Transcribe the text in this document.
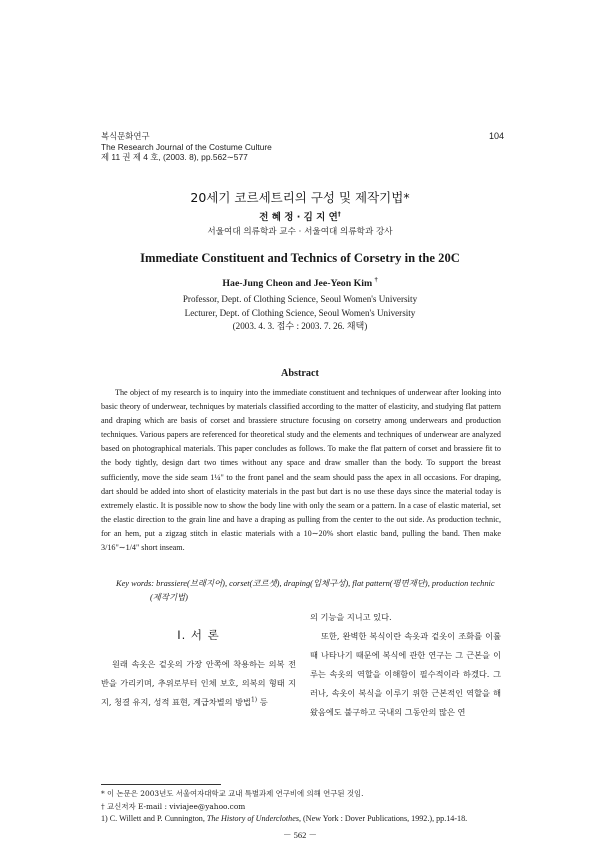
복식문화연구
The Research Journal of the Costume Culture
제 11 권 제 4 호, (2003. 8), pp.562∼577
104
20세기 코르세트리의 구성 및 제작기법*
전 혜 정 · 김 지 연†
서울여대 의류학과 교수 · 서울여대 의류학과 강사
Immediate Constituent and Technics of Corsetry in the 20C
Hae-Jung Cheon and Jee-Yeon Kim †
Professor, Dept. of Clothing Science, Seoul Women's University
Lecturer, Dept. of Clothing Science, Seoul Women's University
(2003. 4. 3. 접수 : 2003. 7. 26. 채택)
Abstract

The object of my research is to inquiry into the immediate constituent and techniques of underwear after looking into basic theory of underwear, techniques by materials classified according to the matter of elasticity, and studying flat pattern and draping which are basis of corset and brassiere structure focusing on corsetry among underwears and production techniques. Various papers are referenced for theoretical study and the elements and techniques of underwear are analyzed based on photographical materials. This paper concludes as follows. To make the flat pattern of corset and brassiere fit to the body tightly, design dart two times without any space and draw smaller than the body. To support the breast sufficiently, move the side seam 1¼" to the front panel and the seam should pass the apex in all occasions. For draping, dart should be added into short of elasticity materials in the past but dart is no use these days since the material today is extremely elastic. It is possible now to show the body line with only the seam or a pattern. In a case of elastic material, set the elastic direction to the grain line and have a draping as pulling from the center to the out side. As production technic, for an hem, put a zigzag stitch in elastic materials with a 10∼20% short elastic band, pulling the band. Then make 3/16"∼1/4" short inseam.

Key words: brassiere(브래지어), corset(코르셋), draping(입체구성), flat pattern(평면재단), production technic
(제작기법)
Ⅰ. 서 론

원래 속옷은 겉옷의 가장 안쪽에 착용하는 의복 전반을 가리키며, 추위로부터 인체 보호, 의복의 형태 지지, 청결 유지, 성적 표현, 계급차별의 방법$^{1)}$ 등

의 기능을 지니고 있다.

또한, 완벽한 복식이란 속옷과 겉옷이 조화를 이룰 때 나타나기 때문에 복식에 관한 연구는 그 근본을 이루는 속옷의 역할을 이해함이 필수적이라 하겠다. 그러나, 속옷이 복식을 이루기 위한 근본적인 역할을 해왔음에도 불구하고 국내의 그동안의 많은 연

* 이 논문은 2003년도 서울여자대학교 교내 특별과제 연구비에 의해 연구된 것임.
† 교신저자 E-mail : viviajee@yahoo.com
1) C. Willett and P. Cunnington, The History of Underclothes, (New York : Dover Publications, 1992.), pp.14-18.
－ 562 －
